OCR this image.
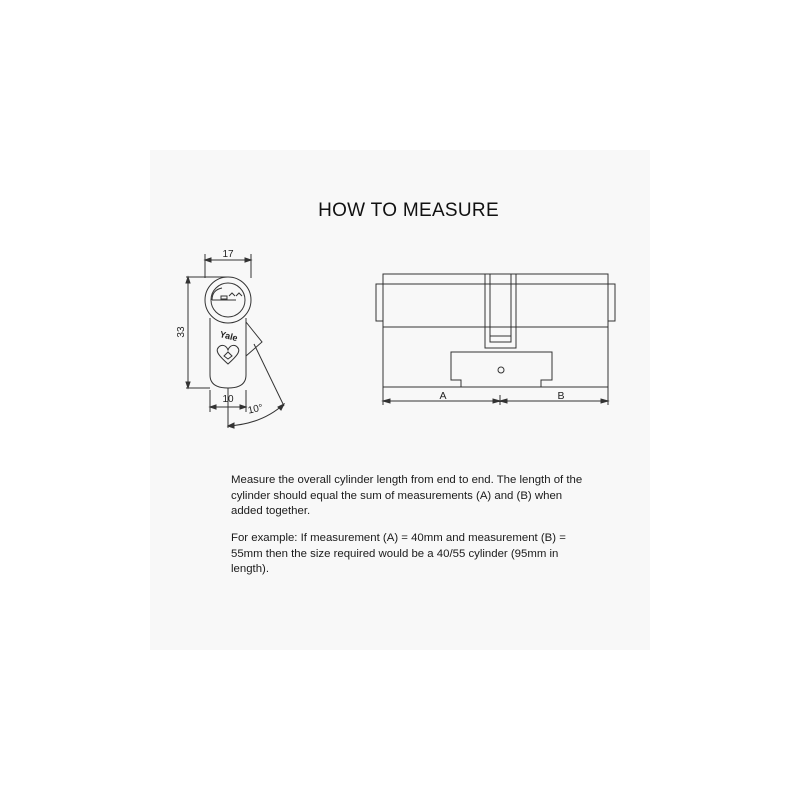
HOW TO MEASURE
17
33
10
10°
Yale
A	B
Measure the overall cylinder length from end to end. The length of the cylinder should equal the sum of measurements (A) and (B) when added together.
For example: If measurement (A) = 40mm and measurement (B) = 55mm then the size required would be a 40/55 cylinder (95mm in length).
